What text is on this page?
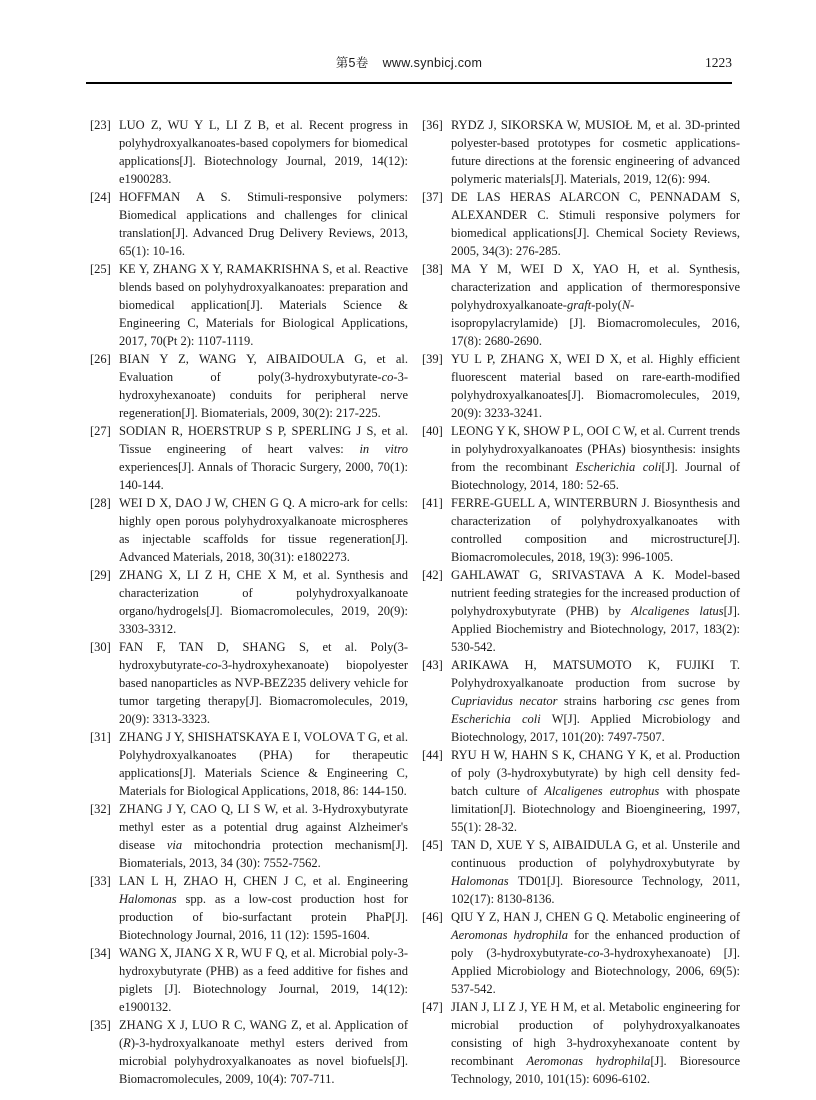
第5卷 www.synbicj.com	1223
[23] LUO Z, WU Y L, LI Z B, et al. Recent progress in polyhydroxyalkanoates-based copolymers for biomedical applications[J]. Biotechnology Journal, 2019, 14(12): e1900283.
[24] HOFFMAN A S. Stimuli-responsive polymers: Biomedical applications and challenges for clinical translation[J]. Advanced Drug Delivery Reviews, 2013, 65(1): 10-16.
[25] KE Y, ZHANG X Y, RAMAKRISHNA S, et al. Reactive blends based on polyhydroxyalkanoates: preparation and biomedical application[J]. Materials Science & Engineering C, Materials for Biological Applications, 2017, 70(Pt 2): 1107-1119.
[26] BIAN Y Z, WANG Y, AIBAIDOULA G, et al. Evaluation of poly(3-hydroxybutyrate-co-3-hydroxyhexanoate) conduits for peripheral nerve regeneration[J]. Biomaterials, 2009, 30(2): 217-225.
[27] SODIAN R, HOERSTRUP S P, SPERLING J S, et al. Tissue engineering of heart valves: in vitro experiences[J]. Annals of Thoracic Surgery, 2000, 70(1): 140-144.
[28] WEI D X, DAO J W, CHEN G Q. A micro-ark for cells: highly open porous polyhydroxyalkanoate microspheres as injectable scaffolds for tissue regeneration[J]. Advanced Materials, 2018, 30(31): e1802273.
[29] ZHANG X, LI Z H, CHE X M, et al. Synthesis and characterization of polyhydroxyalkanoate organo/hydrogels[J]. Biomacromolecules, 2019, 20(9): 3303-3312.
[30] FAN F, TAN D, SHANG S, et al. Poly(3-hydroxybutyrate-co-3-hydroxyhexanoate) biopolyester based nanoparticles as NVP-BEZ235 delivery vehicle for tumor targeting therapy[J]. Biomacromolecules, 2019, 20(9): 3313-3323.
[31] ZHANG J Y, SHISHATSKAYA E I, VOLOVA T G, et al. Polyhydroxyalkanoates (PHA) for therapeutic applications[J]. Materials Science & Engineering C, Materials for Biological Applications, 2018, 86: 144-150.
[32] ZHANG J Y, CAO Q, LI S W, et al. 3-Hydroxybutyrate methyl ester as a potential drug against Alzheimer's disease via mitochondria protection mechanism[J]. Biomaterials, 2013, 34 (30): 7552-7562.
[33] LAN L H, ZHAO H, CHEN J C, et al. Engineering Halomonas spp. as a low-cost production host for production of bio-surfactant protein PhaP[J]. Biotechnology Journal, 2016, 11 (12): 1595-1604.
[34] WANG X, JIANG X R, WU F Q, et al. Microbial poly-3-hydroxybutyrate (PHB) as a feed additive for fishes and piglets [J]. Biotechnology Journal, 2019, 14(12): e1900132.
[35] ZHANG X J, LUO R C, WANG Z, et al. Application of (R)-3-hydroxyalkanoate methyl esters derived from microbial polyhydroxyalkanoates as novel biofuels[J]. Biomacromolecules, 2009, 10(4): 707-711.
[36] RYDZ J, SIKORSKA W, MUSIOŁ M, et al. 3D-printed polyester-based prototypes for cosmetic applications-future directions at the forensic engineering of advanced polymeric materials[J]. Materials, 2019, 12(6): 994.
[37] DE LAS HERAS ALARCON C, PENNADAM S, ALEXANDER C. Stimuli responsive polymers for biomedical applications[J]. Chemical Society Reviews, 2005, 34(3): 276-285.
[38] MA Y M, WEI D X, YAO H, et al. Synthesis, characterization and application of thermoresponsive polyhydroxyalkanoate-graft-poly(N-isopropylacrylamide) [J]. Biomacromolecules, 2016, 17(8): 2680-2690.
[39] YU L P, ZHANG X, WEI D X, et al. Highly efficient fluorescent material based on rare-earth-modified polyhydroxyalkanoates[J]. Biomacromolecules, 2019, 20(9): 3233-3241.
[40] LEONG Y K, SHOW P L, OOI C W, et al. Current trends in polyhydroxyalkanoates (PHAs) biosynthesis: insights from the recombinant Escherichia coli[J]. Journal of Biotechnology, 2014, 180: 52-65.
[41] FERRE-GUELL A, WINTERBURN J. Biosynthesis and characterization of polyhydroxyalkanoates with controlled composition and microstructure[J]. Biomacromolecules, 2018, 19(3): 996-1005.
[42] GAHLAWAT G, SRIVASTAVA A K. Model-based nutrient feeding strategies for the increased production of polyhydroxybutyrate (PHB) by Alcaligenes latus[J]. Applied Biochemistry and Biotechnology, 2017, 183(2): 530-542.
[43] ARIKAWA H, MATSUMOTO K, FUJIKI T. Polyhydroxyalkanoate production from sucrose by Cupriavidus necator strains harboring csc genes from Escherichia coli W[J]. Applied Microbiology and Biotechnology, 2017, 101(20): 7497-7507.
[44] RYU H W, HAHN S K, CHANG Y K, et al. Production of poly (3-hydroxybutyrate) by high cell density fed-batch culture of Alcaligenes eutrophus with phospate limitation[J]. Biotechnology and Bioengineering, 1997, 55(1): 28-32.
[45] TAN D, XUE Y S, AIBAIDULA G, et al. Unsterile and continuous production of polyhydroxybutyrate by Halomonas TD01[J]. Bioresource Technology, 2011, 102(17): 8130-8136.
[46] QIU Y Z, HAN J, CHEN G Q. Metabolic engineering of Aeromonas hydrophila for the enhanced production of poly (3-hydroxybutyrate-co-3-hydroxyhexanoate) [J]. Applied Microbiology and Biotechnology, 2006, 69(5): 537-542.
[47] JIAN J, LI Z J, YE H M, et al. Metabolic engineering for microbial production of polyhydroxyalkanoates consisting of high 3-hydroxyhexanoate content by recombinant Aeromonas hydrophila[J]. Bioresource Technology, 2010, 101(15): 6096-6102.
